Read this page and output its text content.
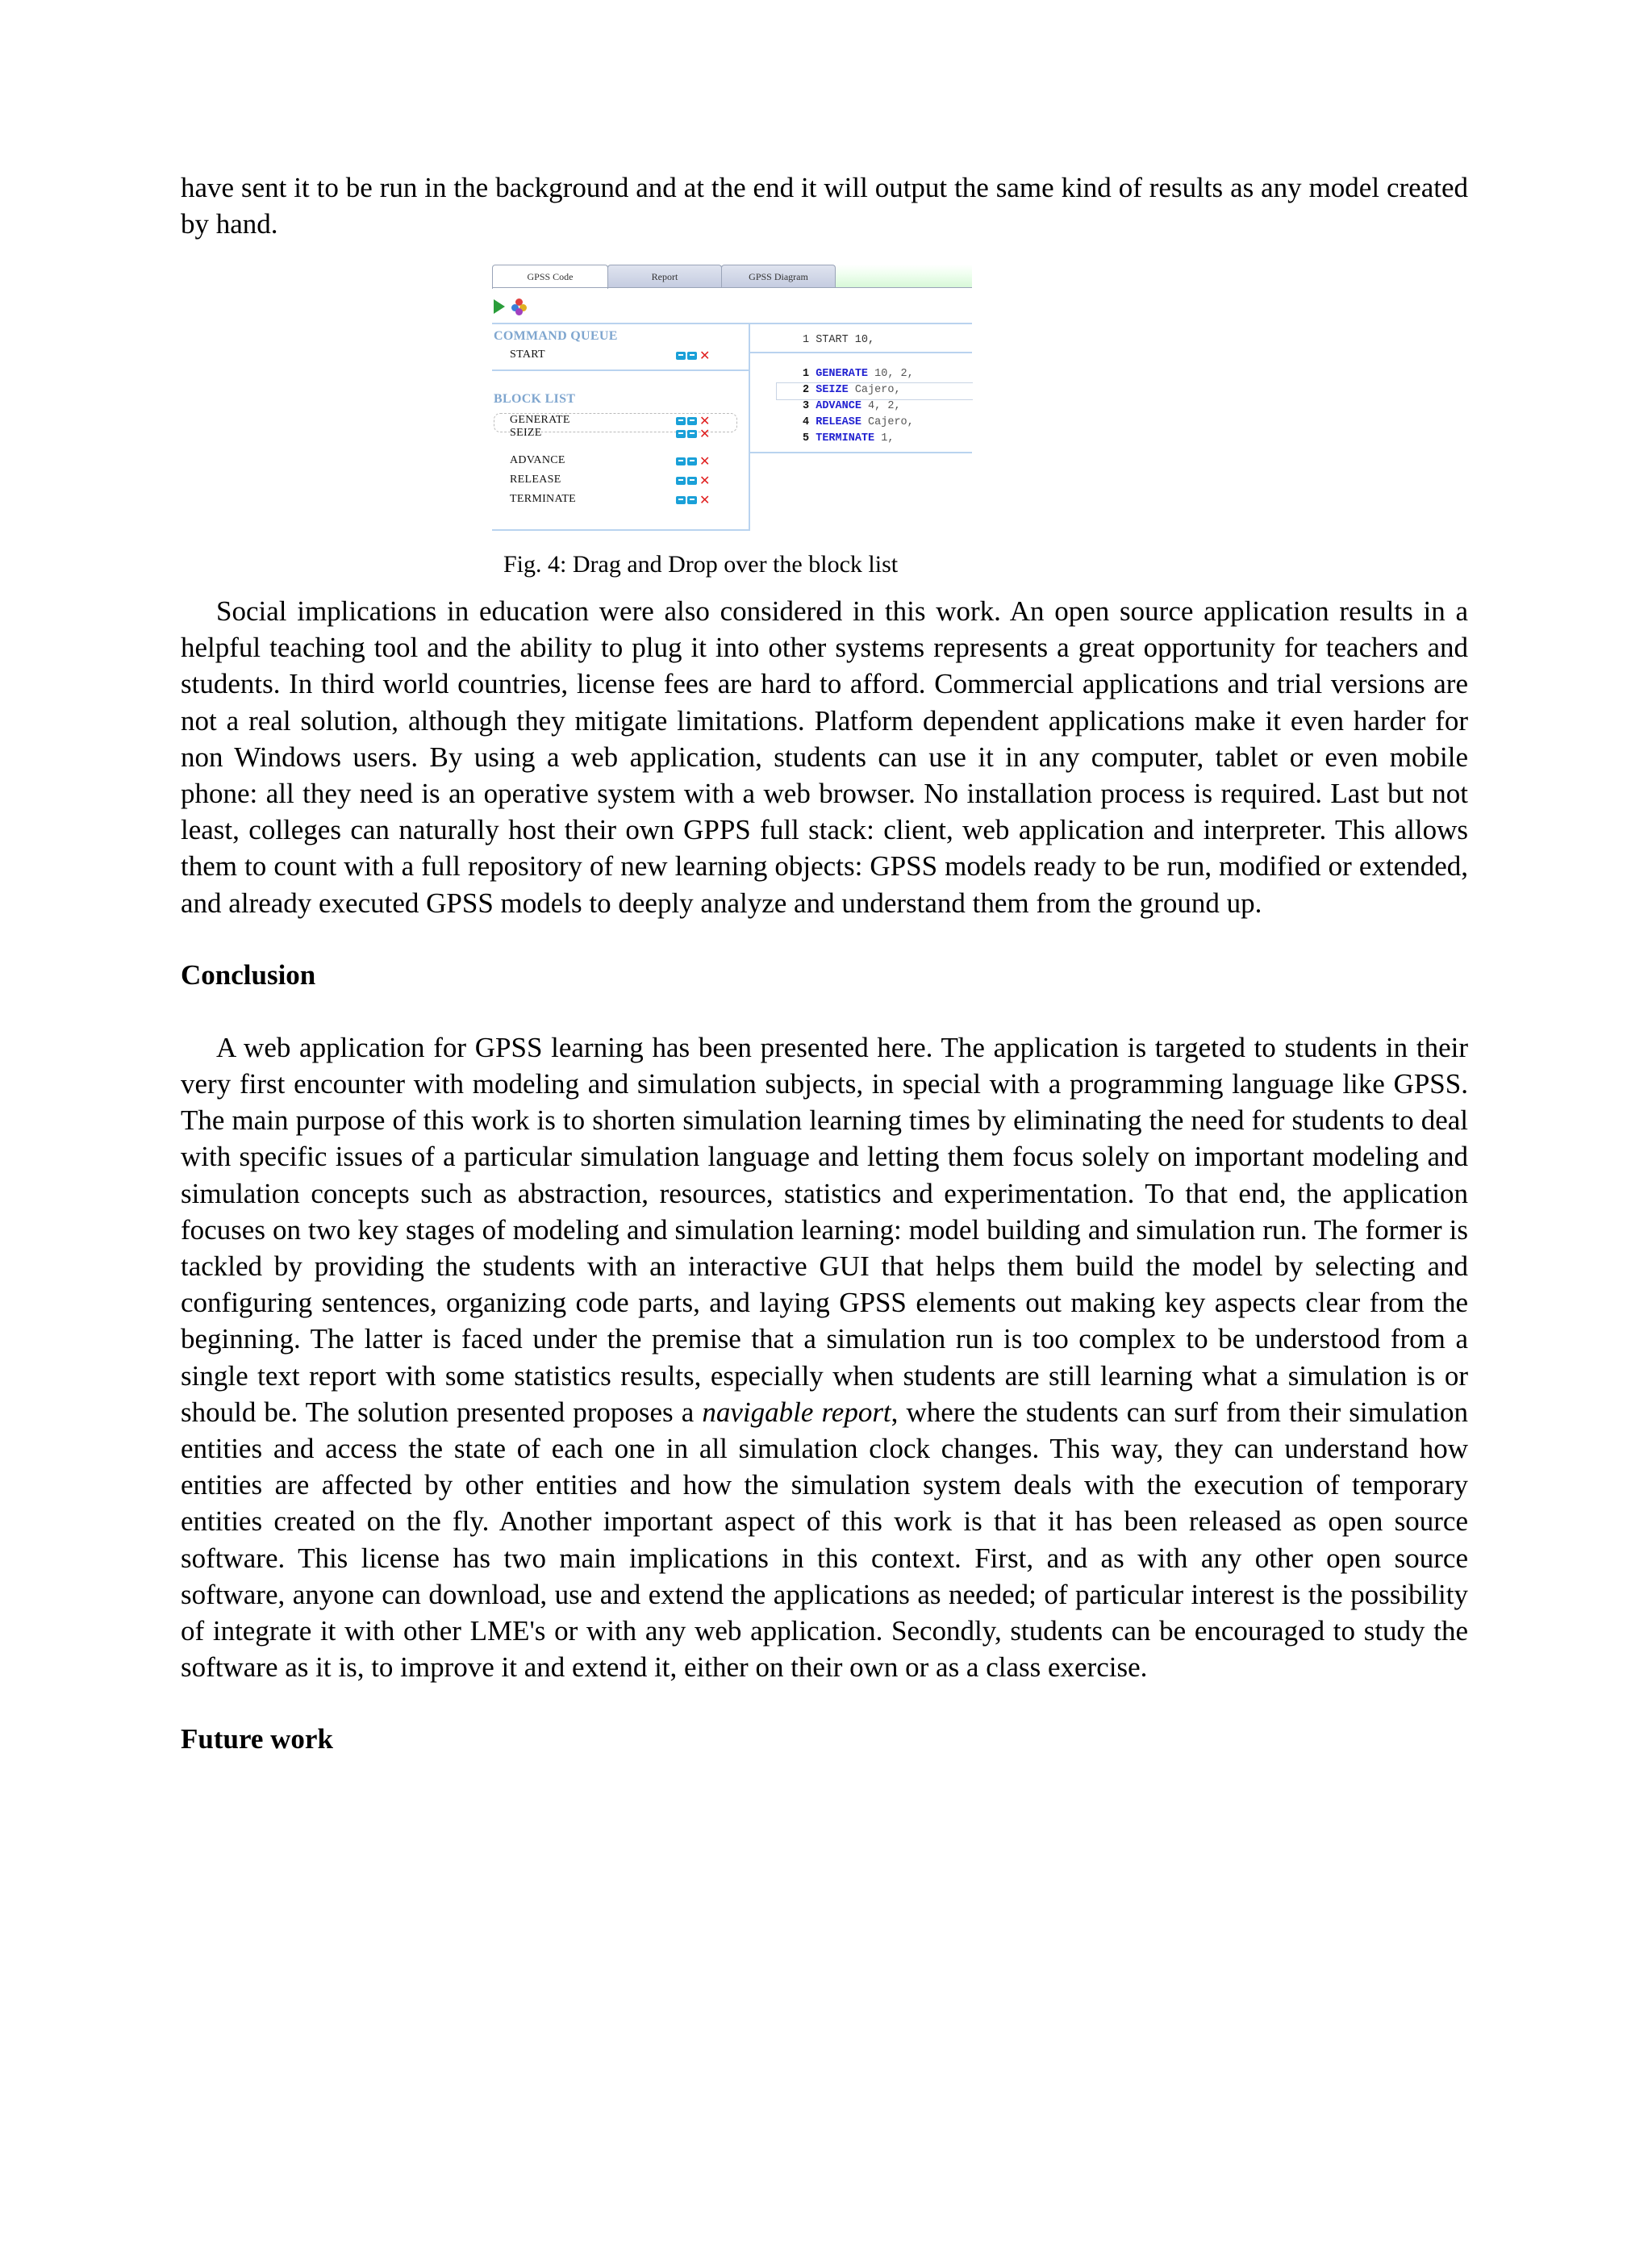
have sent it to be run in the background and at the end it will output the same kind of results as any model created by hand.

GPSS Code	Report	GPSS Diagram
COMMAND QUEUE
START	✕
BLOCK LIST
GENERATE	✕
SEIZE	✕
ADVANCE	✕
RELEASE	✕
TERMINATE	✕
1 START 10,
1 GENERATE 10, 2,
2 SEIZE Cajero,
3 ADVANCE 4, 2,
4 RELEASE Cajero,
5 TERMINATE 1,
Fig. 4: Drag and Drop over the block list

Social implications in education were also considered in this work. An open source application results in a helpful teaching tool and the ability to plug it into other systems represents a great opportunity for teachers and students. In third world countries, license fees are hard to afford. Commercial applications and trial versions are not a real solution, although they mitigate limitations. Platform dependent applications make it even harder for non Windows users. By using a web application, students can use it in any computer, tablet or even mobile phone: all they need is an operative system with a web browser. No installation process is required. Last but not least, colleges can naturally host their own GPPS full stack: client, web application and interpreter. This allows them to count with a full repository of new learning objects: GPSS models ready to be run, modified or extended, and already executed GPSS models to deeply analyze and understand them from the ground up.

Conclusion

A web application for GPSS learning has been presented here. The application is targeted to students in their very first encounter with modeling and simulation subjects, in special with a programming language like GPSS. The main purpose of this work is to shorten simulation learning times by eliminating the need for students to deal with specific issues of a particular simulation language and letting them focus solely on important modeling and simulation concepts such as abstraction, resources, statistics and experimentation. To that end, the application focuses on two key stages of modeling and simulation learning: model building and simulation run. The former is tackled by providing the students with an interactive GUI that helps them build the model by selecting and configuring sentences, organizing code parts, and laying GPSS elements out making key aspects clear from the beginning. The latter is faced under the premise that a simulation run is too complex to be understood from a single text report with some statistics results, especially when students are still learning what a simulation is or should be. The solution presented proposes a navigable report, where the students can surf from their simulation entities and access the state of each one in all simulation clock changes. This way, they can understand how entities are affected by other entities and how the simulation system deals with the execution of temporary entities created on the fly. Another important aspect of this work is that it has been released as open source software. This license has two main implications in this context. First, and as with any other open source software, anyone can download, use and extend the applications as needed; of particular interest is the possibility of integrate it with other LME's or with any web application. Secondly, students can be encouraged to study the software as it is, to improve it and extend it, either on their own or as a class exercise.

Future work
